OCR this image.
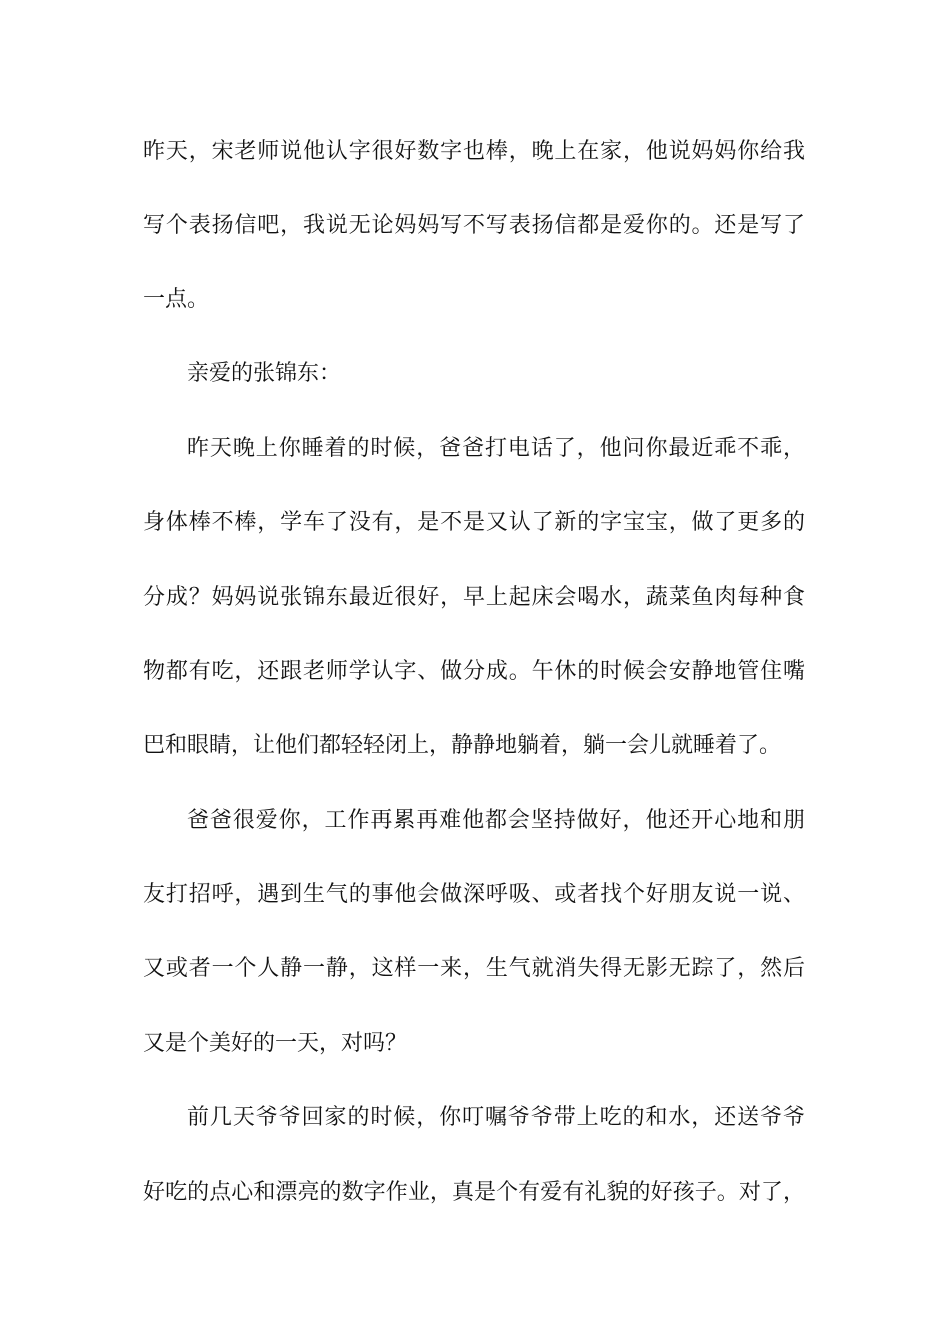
昨天，宋老师说他认字很好数字也棒，晚上在家，他说妈妈你给我
写个表扬信吧，我说无论妈妈写不写表扬信都是爱你的。还是写了
一点。
亲爱的张锦东：
昨天晚上你睡着的时候，爸爸打电话了，他问你最近乖不乖，
身体棒不棒，学车了没有，是不是又认了新的字宝宝，做了更多的
分成？妈妈说张锦东最近很好，早上起床会喝水，蔬菜鱼肉每种食
物都有吃，还跟老师学认字、做分成。午休的时候会安静地管住嘴
巴和眼睛，让他们都轻轻闭上，静静地躺着，躺一会儿就睡着了。
爸爸很爱你，工作再累再难他都会坚持做好，他还开心地和朋
友打招呼，遇到生气的事他会做深呼吸、或者找个好朋友说一说、
又或者一个人静一静，这样一来，生气就消失得无影无踪了，然后
又是个美好的一天，对吗？
前几天爷爷回家的时候，你叮嘱爷爷带上吃的和水，还送爷爷
好吃的点心和漂亮的数字作业，真是个有爱有礼貌的好孩子。对了，
